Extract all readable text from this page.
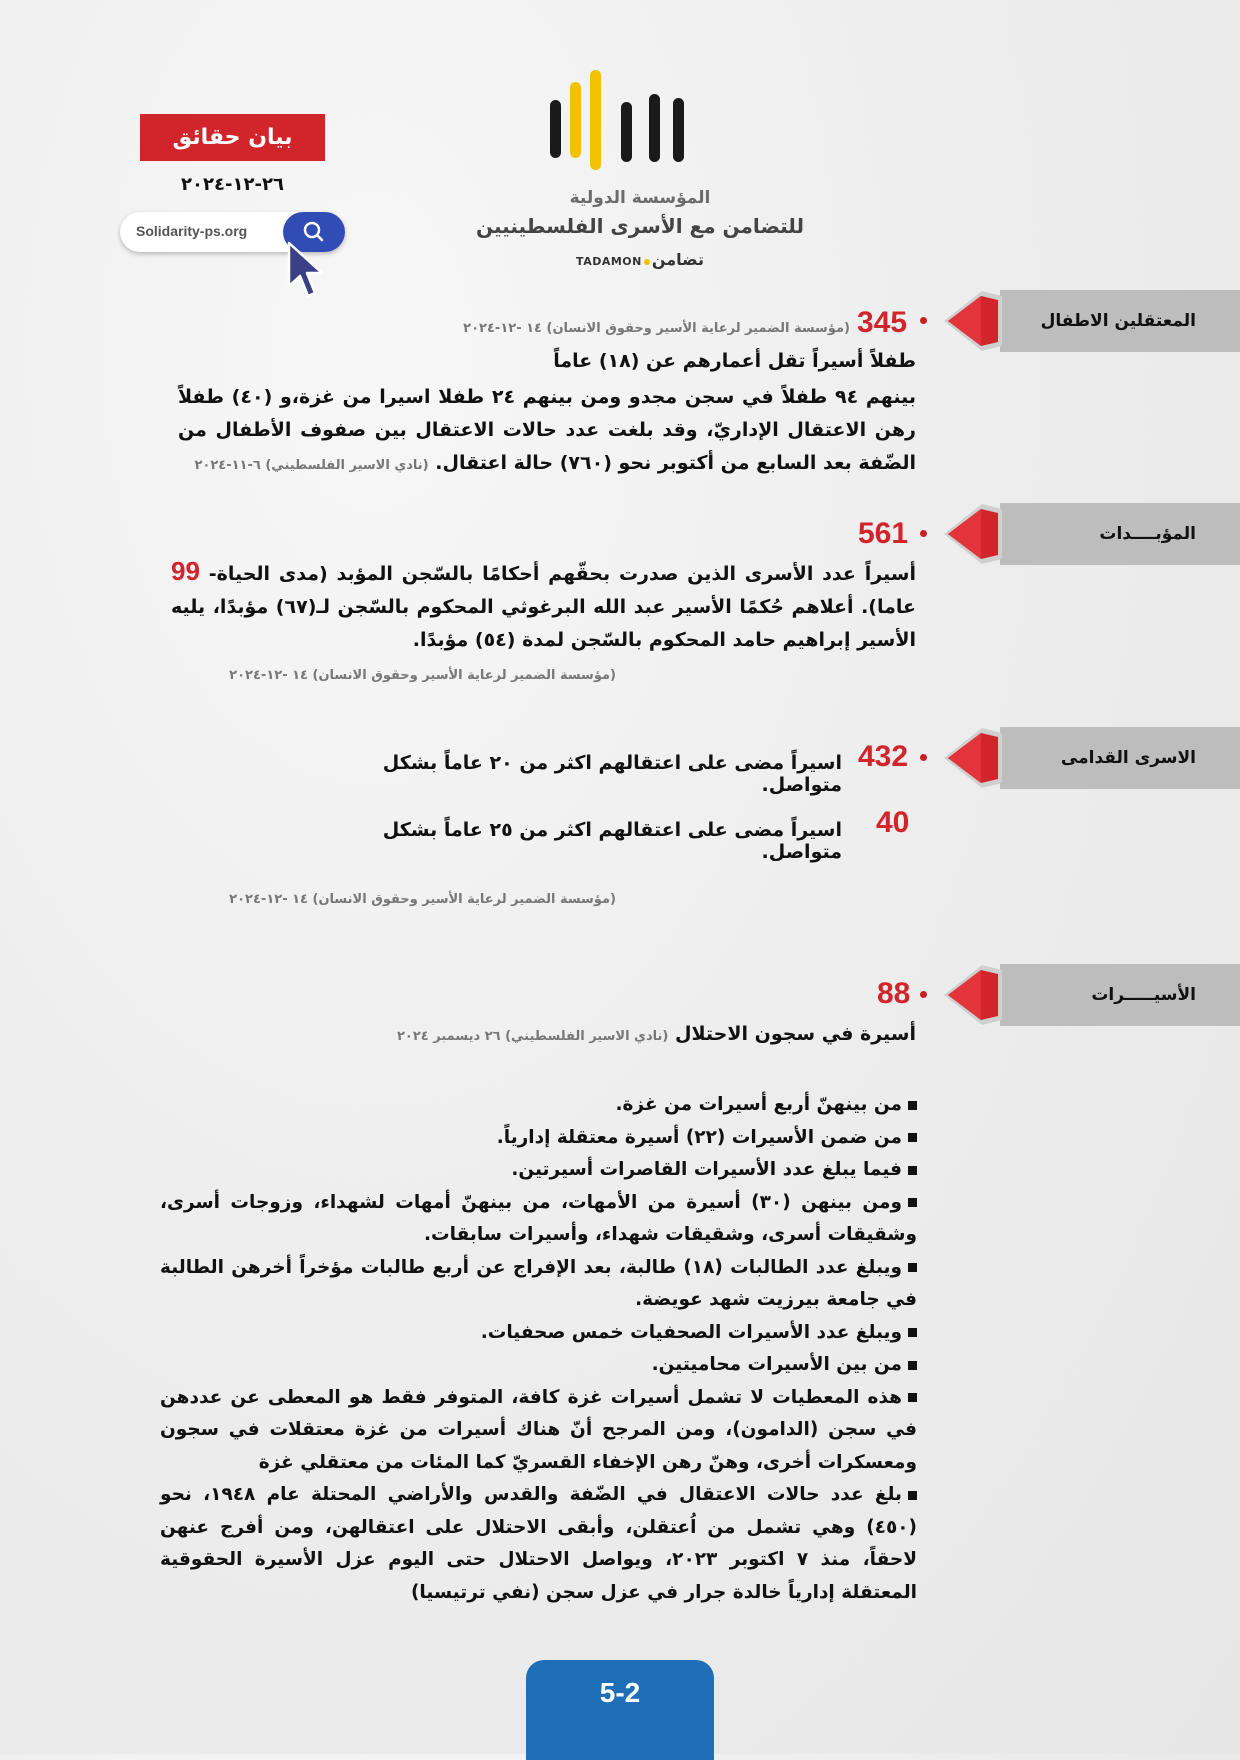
المؤسسة الدولية
للتضامن مع الأسرى الفلسطينيين
تضامنTADAMON
بيان حقائق
٢٦-١٢-٢٠٢٤
Solidarity-ps.org
المعتقلين الاطفال
345
(مؤسسة الضمير لرعاية الأسير وحقوق الانسان) ١٤ -١٢-٢٠٢٤
طفلاً أسيراً تقل أعمارهم عن (١٨) عاماً
بينهم ٩٤ طفلاً في سجن مجدو ومن بينهم ٢٤ طفلا اسيرا من غزة،و (٤٠) طفلاً رهن الاعتقال الإداريّ، وقد بلغت عدد حالات الاعتقال بين صفوف الأطفال من الضّفة بعد السابع من أكتوبر نحو (٧٦٠) حالة اعتقال. (نادي الاسير الفلسطيني) ٦-١١-٢٠٢٤
المؤبــــدات
561
أسيراً عدد الأسرى الذين صدرت بحقّهم أحكامًا بالسّجن المؤبد (مدى الحياة- 99 عاما). أعلاهم حُكمًا الأسير عبد الله البرغوثي المحكوم بالسّجن لـ(٦٧) مؤبدًا، يليه الأسير إبراهيم حامد المحكوم بالسّجن لمدة (٥٤) مؤبدًا.
(مؤسسة الضمير لرعاية الأسير وحقوق الانسان) ١٤ -١٢-٢٠٢٤
الاسرى القدامى
432
اسيراً مضى على اعتقالهم اكثر من ٢٠ عاماً بشكل متواصل.
40
اسيراً مضى على اعتقالهم اكثر من ٢٥ عاماً بشكل متواصل.
(مؤسسة الضمير لرعاية الأسير وحقوق الانسان) ١٤ -١٢-٢٠٢٤
الأسيـــــرات
88
أسيرة في سجون الاحتلال (نادي الاسير الفلسطيني) ٢٦ ديسمبر ٢٠٢٤
من بينهنّ أربع أسيرات من غزة.
من ضمن الأسيرات (٢٢) أسيرة معتقلة إدارياً.
فيما يبلغ عدد الأسيرات القاصرات أسيرتين.
ومن بينهن (٣٠) أسيرة من الأمهات، من بينهنّ أمهات لشهداء، وزوجات أسرى، وشقيقات أسرى، وشقيقات شهداء، وأسيرات سابقات.
ويبلغ عدد الطالبات (١٨) طالبة، بعد الإفراج عن أربع طالبات مؤخراً أخرهن الطالبة في جامعة بيرزيت شهد عويضة.
ويبلغ عدد الأسيرات الصحفيات خمس صحفيات.
من بين الأسيرات محاميتين.
هذه المعطيات لا تشمل أسيرات غزة كافة، المتوفر فقط هو المعطى عن عددهن في سجن (الدامون)، ومن المرجح أنّ هناك أسيرات من غزة معتقلات في سجون ومعسكرات أخرى، وهنّ رهن الإخفاء القسريّ كما المئات من معتقلي غزة
بلغ عدد حالات الاعتقال في الضّفة والقدس والأراضي المحتلة عام ١٩٤٨، نحو (٤٥٠) وهي تشمل من اُعتقلن، وأبقى الاحتلال على اعتقالهن، ومن أفرج عنهن لاحقاً، منذ ٧ اكتوبر ٢٠٢٣، ويواصل الاحتلال حتى اليوم عزل الأسيرة الحقوقية المعتقلة إدارياً خالدة جرار في عزل سجن (نفي ترتيسيا)
5-2
